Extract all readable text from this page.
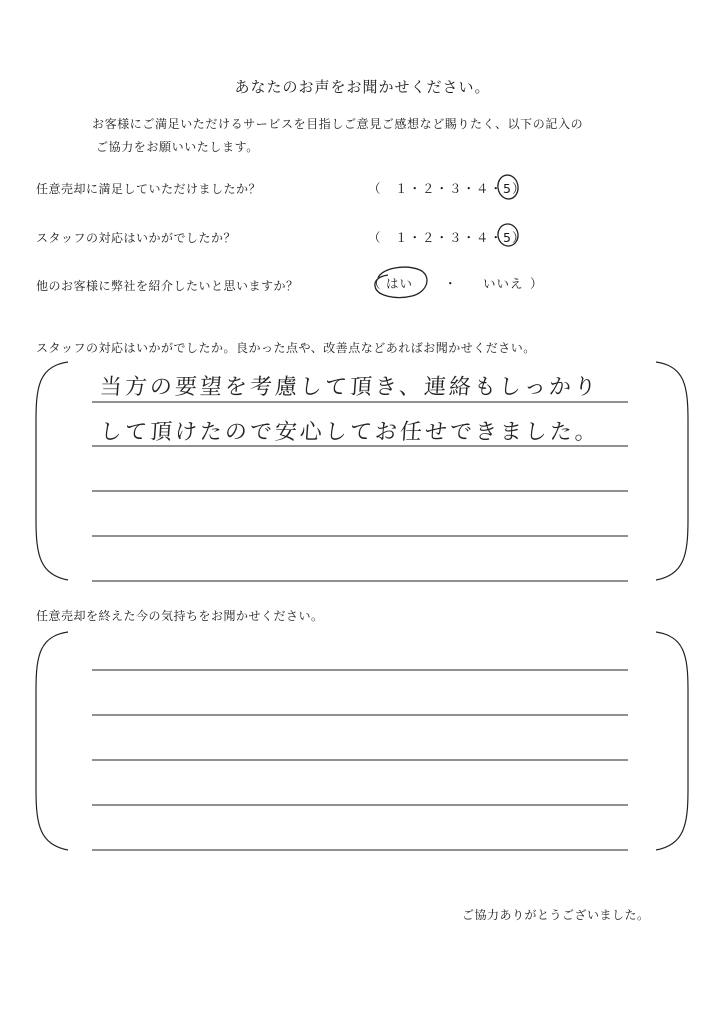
あなたのお声をお聞かせください。
お客様にご満足いただけるサービスを目指しご意見ご感想など賜りたく、以下の記入の
ご協力をお願いいたします。
任意売却に満足していただけましたか？	（　１・２・３・４・5）
スタッフの対応はいかがでしたか？	（　１・２・３・４・5）
他のお客様に弊社を紹介したいと思いますか？	（ はい ・ いいえ ）
スタッフの対応はいかがでしたか。良かった点や、改善点などあればお聞かせください。
当方の要望を考慮して頂き、連絡もしっかり
して頂けたので安心してお任せできました。
任意売却を終えた今の気持ちをお聞かせください。
ご協力ありがとうございました。
